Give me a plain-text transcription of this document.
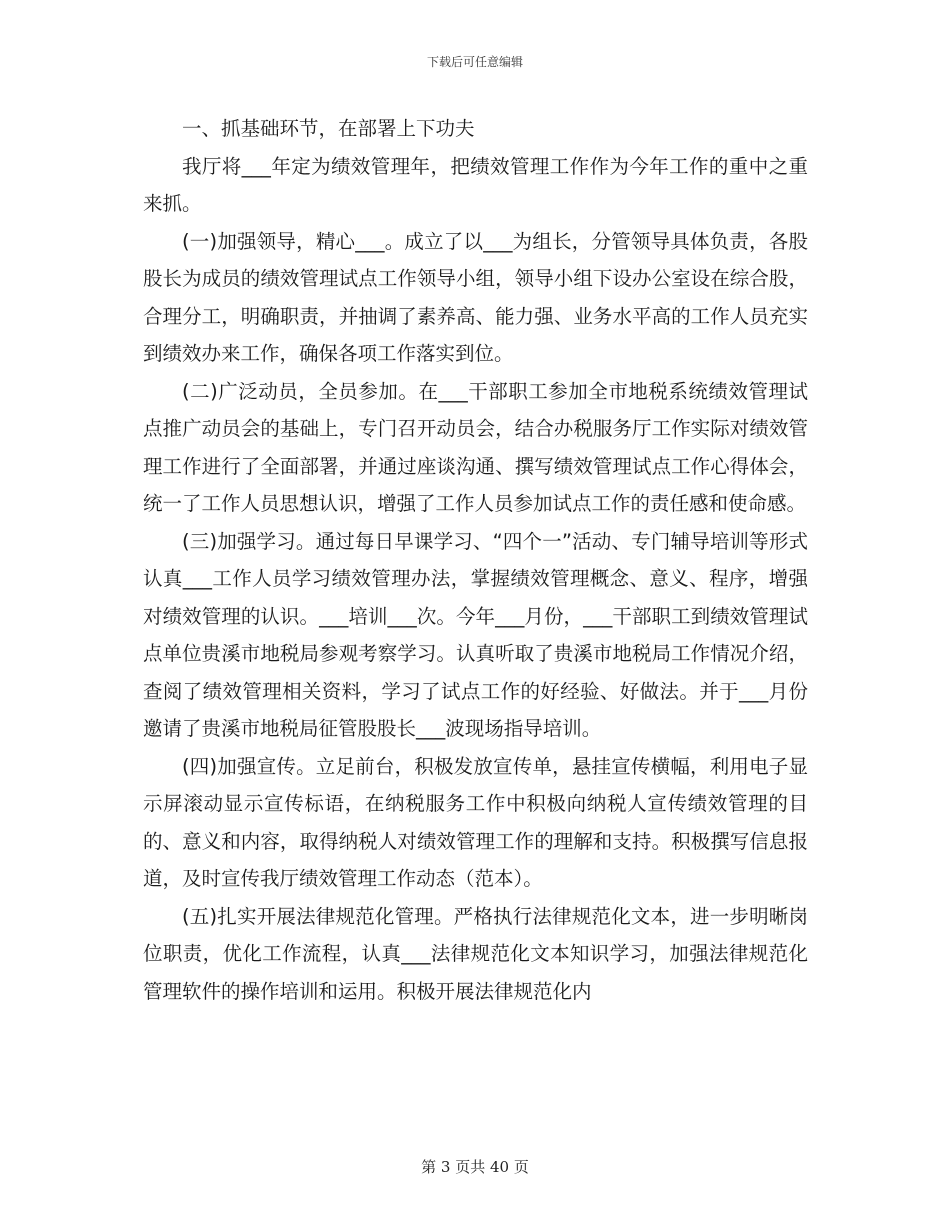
下载后可任意编辑

一、抓基础环节，在部署上下功夫

我厅将___年定为绩效管理年，把绩效管理工作作为今年工作的重中之重来抓。

(一)加强领导，精心___。成立了以___为组长，分管领导具体负责，各股股长为成员的绩效管理试点工作领导小组，领导小组下设办公室设在综合股，合理分工，明确职责，并抽调了素养高、能力强、业务水平高的工作人员充实到绩效办来工作，确保各项工作落实到位。

(二)广泛动员，全员参加。在___干部职工参加全市地税系统绩效管理试点推广动员会的基础上，专门召开动员会，结合办税服务厅工作实际对绩效管理工作进行了全面部署，并通过座谈沟通、撰写绩效管理试点工作心得体会，统一了工作人员思想认识，增强了工作人员参加试点工作的责任感和使命感。

(三)加强学习。通过每日早课学习、“四个一”活动、专门辅导培训等形式认真___工作人员学习绩效管理办法，掌握绩效管理概念、意义、程序，增强对绩效管理的认识。___培训___次。今年___月份，___干部职工到绩效管理试点单位贵溪市地税局参观考察学习。认真听取了贵溪市地税局工作情况介绍，查阅了绩效管理相关资料，学习了试点工作的好经验、好做法。并于___月份邀请了贵溪市地税局征管股股长___波现场指导培训。

(四)加强宣传。立足前台，积极发放宣传单，悬挂宣传横幅，利用电子显示屏滚动显示宣传标语，在纳税服务工作中积极向纳税人宣传绩效管理的目的、意义和内容，取得纳税人对绩效管理工作的理解和支持。积极撰写信息报道，及时宣传我厅绩效管理工作动态（范本）。

(五)扎实开展法律规范化管理。严格执行法律规范化文本，进一步明晰岗位职责，优化工作流程，认真___法律规范化文本知识学习，加强法律规范化管理软件的操作培训和运用。积极开展法律规范化内

第 3 页共 40 页
